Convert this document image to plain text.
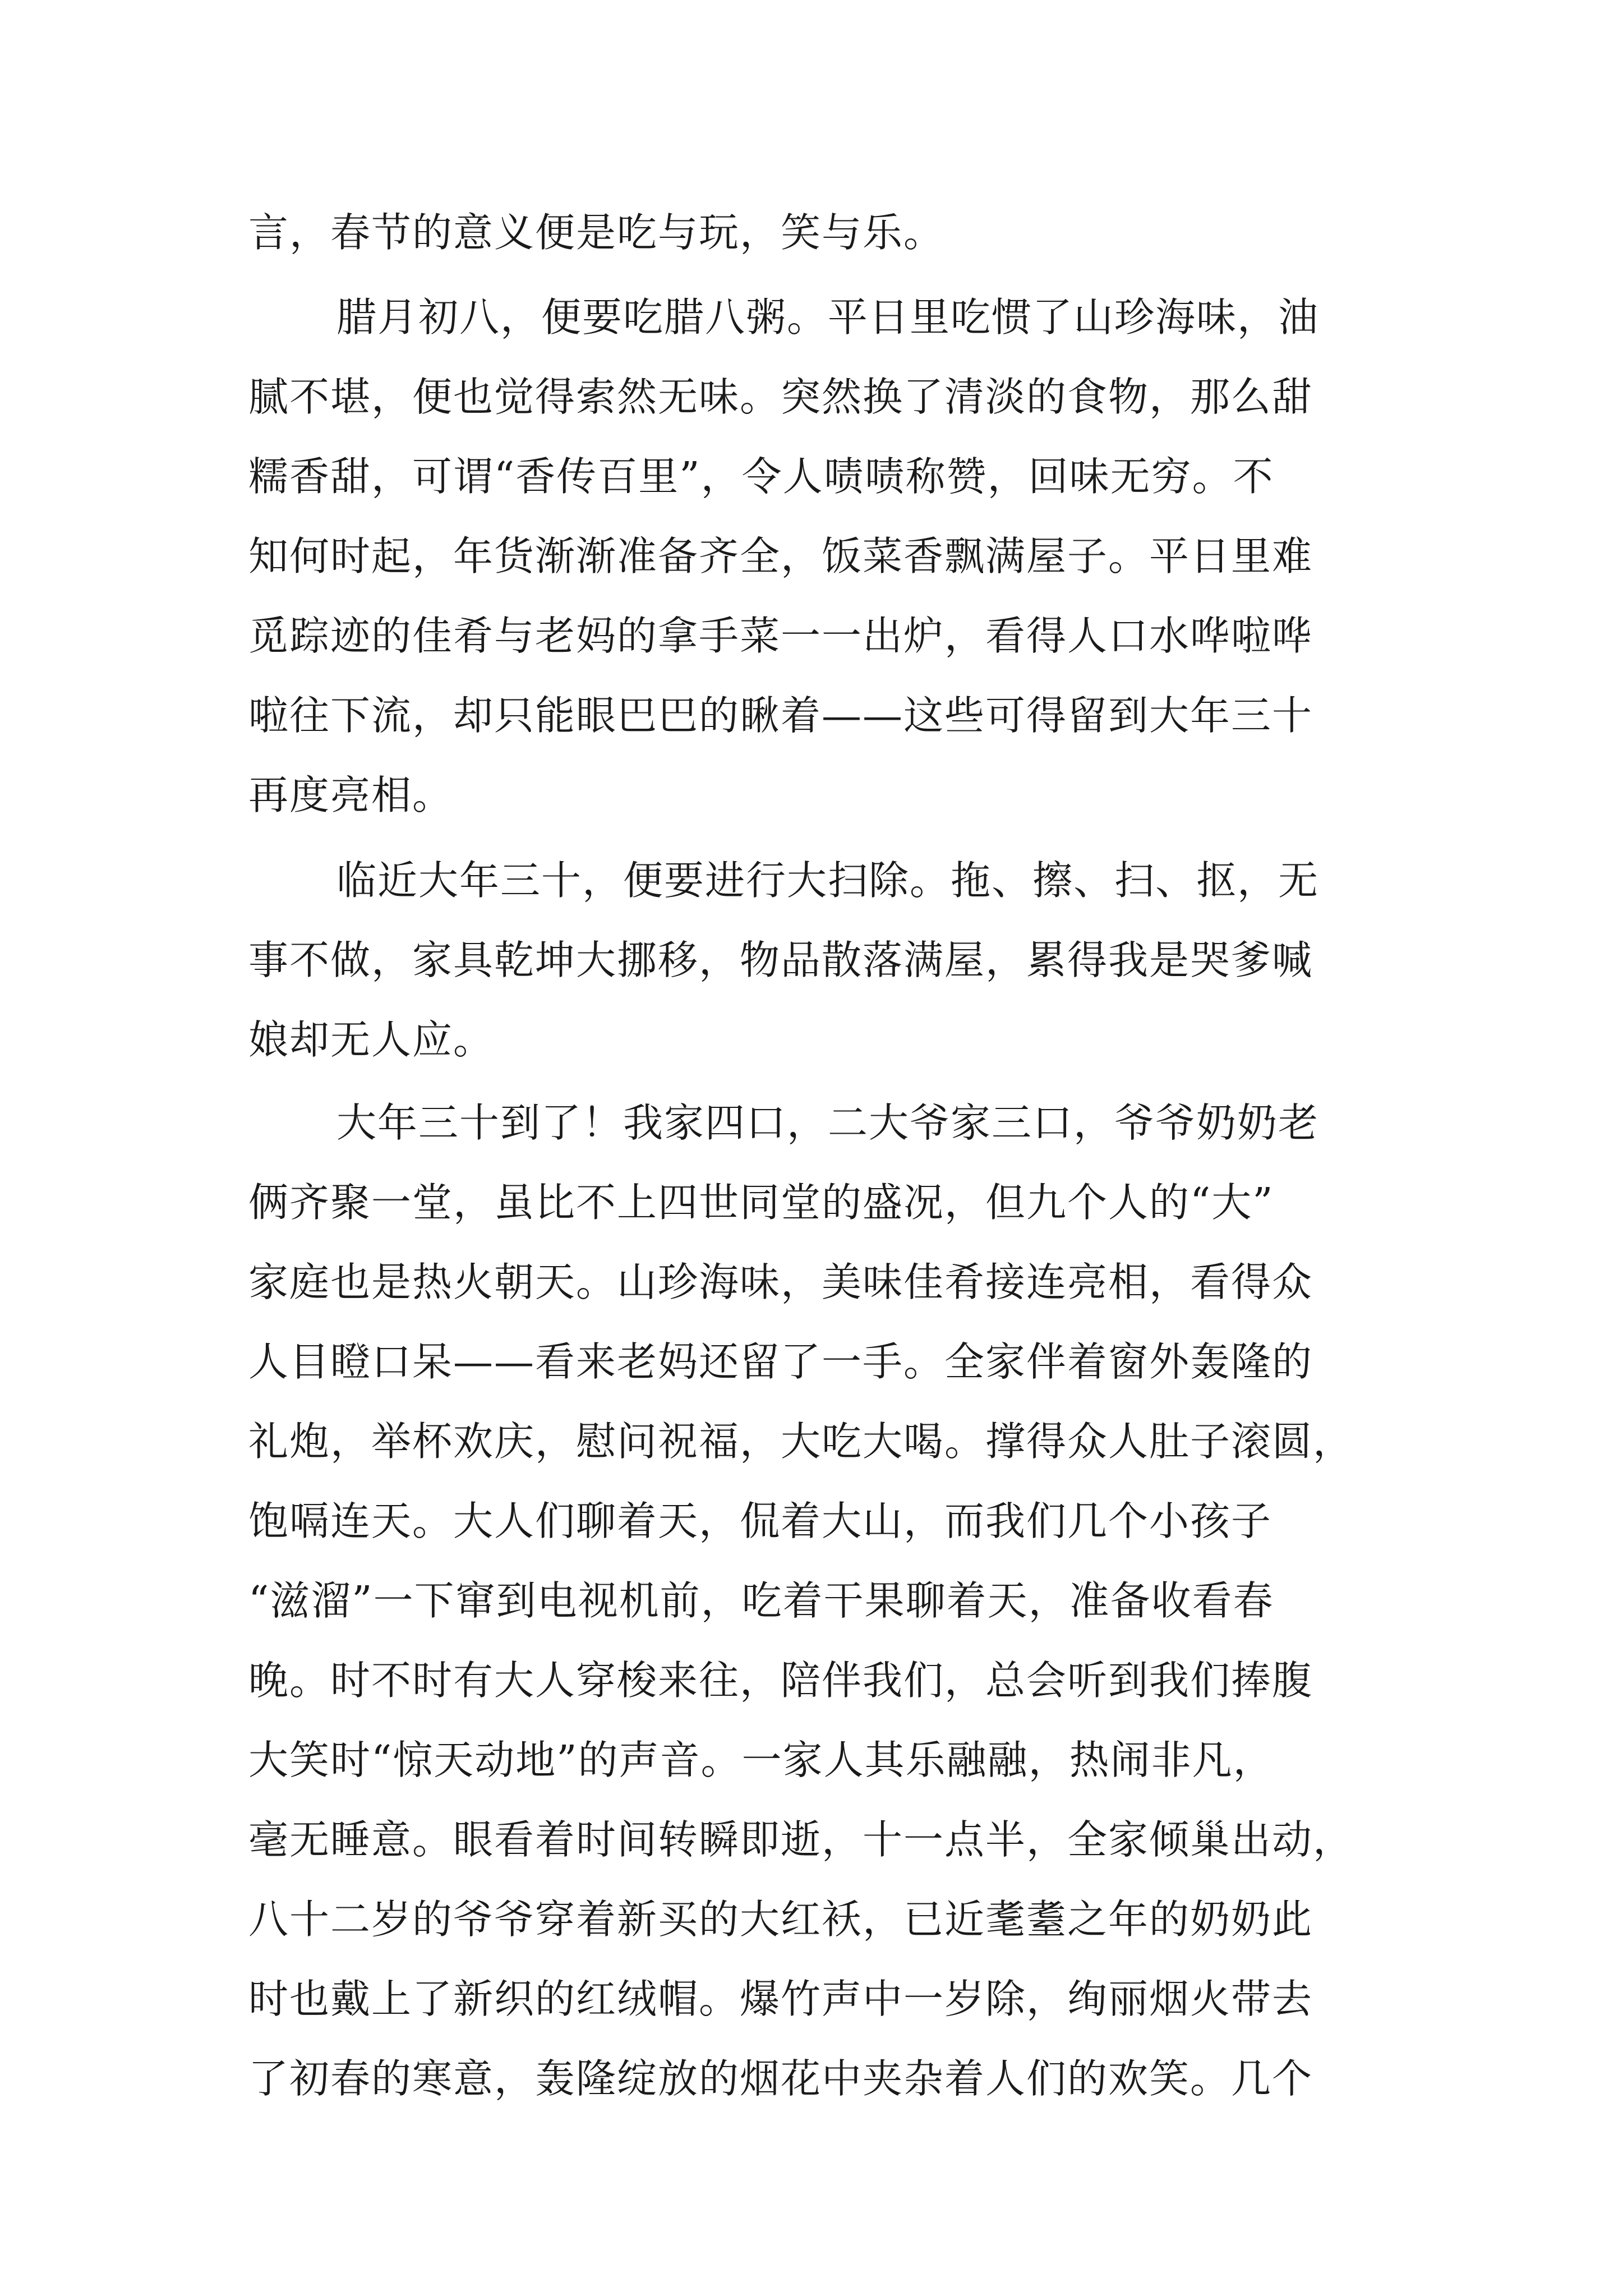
言，春节的意义便是吃与玩，笑与乐。
腊月初八，便要吃腊八粥。平日里吃惯了山珍海味，油
腻不堪，便也觉得索然无味。突然换了清淡的食物，那么甜
糯香甜，可谓“香传百里”，令人啧啧称赞，回味无穷。不
知何时起，年货渐渐准备齐全，饭菜香飘满屋子。平日里难
觅踪迹的佳肴与老妈的拿手菜一一出炉，看得人口水哗啦哗
啦往下流，却只能眼巴巴的瞅着——这些可得留到大年三十
再度亮相。
临近大年三十，便要进行大扫除。拖、擦、扫、抠，无
事不做，家具乾坤大挪移，物品散落满屋，累得我是哭爹喊
娘却无人应。
大年三十到了！我家四口，二大爷家三口，爷爷奶奶老
俩齐聚一堂，虽比不上四世同堂的盛况，但九个人的“大”
家庭也是热火朝天。山珍海味，美味佳肴接连亮相，看得众
人目瞪口呆——看来老妈还留了一手。全家伴着窗外轰隆的
礼炮，举杯欢庆，慰问祝福，大吃大喝。撑得众人肚子滚圆，
饱嗝连天。大人们聊着天，侃着大山，而我们几个小孩子
“滋溜”一下窜到电视机前，吃着干果聊着天，准备收看春
晚。时不时有大人穿梭来往，陪伴我们，总会听到我们捧腹
大笑时“惊天动地”的声音。一家人其乐融融，热闹非凡，
毫无睡意。眼看着时间转瞬即逝，十一点半，全家倾巢出动，
八十二岁的爷爷穿着新买的大红袄，已近耄耋之年的奶奶此
时也戴上了新织的红绒帽。爆竹声中一岁除，绚丽烟火带去
了初春的寒意，轰隆绽放的烟花中夹杂着人们的欢笑。几个
